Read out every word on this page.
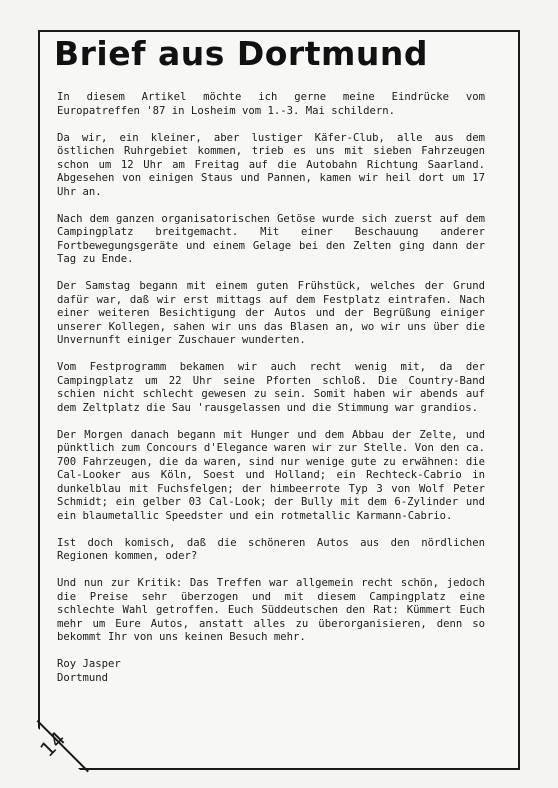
14
Brief aus Dortmund

In diesem Artikel möchte ich gerne meine Eindrücke vom Europatreffen '87 in Losheim vom 1.-3. Mai schildern.

Da wir, ein kleiner, aber lustiger Käfer-Club, alle aus dem östlichen Ruhrgebiet kommen, trieb es uns mit sieben Fahrzeugen schon um 12 Uhr am Freitag auf die Autobahn Richtung Saarland. Abgesehen von einigen Staus und Pannen, kamen wir heil dort um 17 Uhr an.

Nach dem ganzen organisatorischen Getöse wurde sich zuerst auf dem Campingplatz breitgemacht. Mit einer Beschauung anderer Fortbewegungsgeräte und einem Gelage bei den Zelten ging dann der Tag zu Ende.

Der Samstag begann mit einem guten Frühstück, welches der Grund dafür war, daß wir erst mittags auf dem Festplatz eintrafen. Nach einer weiteren Besichtigung der Autos und der Begrüßung einiger unserer Kollegen, sahen wir uns das Blasen an, wo wir uns über die Unvernunft einiger Zuschauer wunderten.

Vom Festprogramm bekamen wir auch recht wenig mit, da der Campingplatz um 22 Uhr seine Pforten schloß. Die Country-Band schien nicht schlecht gewesen zu sein. Somit haben wir abends auf dem Zeltplatz die Sau 'rausgelassen und die Stimmung war grandios.

Der Morgen danach begann mit Hunger und dem Abbau der Zelte, und pünktlich zum Concours d'Elegance waren wir zur Stelle. Von den ca. 700 Fahrzeugen, die da waren, sind nur wenige gute zu erwähnen: die Cal-Looker aus Köln, Soest und Holland; ein Rechteck-Cabrio in dunkelblau mit Fuchsfelgen; der himbeerrote Typ 3 von Wolf Peter Schmidt; ein gelber 03 Cal-Look; der Bully mit dem 6-Zylinder und ein blaumetallic Speedster und ein rotmetallic Karmann-Cabrio.

Ist doch komisch, daß die schöneren Autos aus den nördlichen Regionen kommen, oder?

Und nun zur Kritik: Das Treffen war allgemein recht schön, jedoch die Preise sehr überzogen und mit diesem Campingplatz eine schlechte Wahl getroffen. Euch Süddeutschen den Rat: Kümmert Euch mehr um Eure Autos, anstatt alles zu überorganisieren, denn so bekommt Ihr von uns keinen Besuch mehr.

Roy Jasper
Dortmund
